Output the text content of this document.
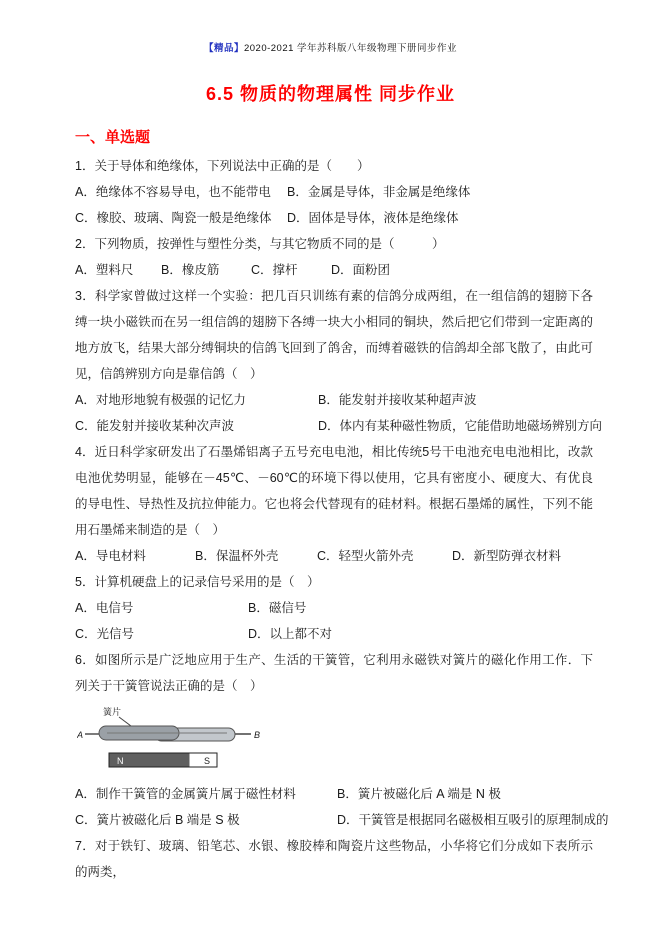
【精品】2020-2021 学年苏科版八年级物理下册同步作业
6.5 物质的物理属性 同步作业
一、单选题

1．关于导体和绝缘体，下列说法中正确的是（　　）

A．绝缘体不容易导电，也不能带电	B．金属是导体，非金属是绝缘体
C．橡胶、玻璃、陶瓷一般是绝缘体	D．固体是导体，液体是绝缘体

2．下列物质，按弹性与塑性分类，与其它物质不同的是（　　　）

A．塑料尺	B．橡皮筋	C．撑杆	D．面粉团

3．科学家曾做过这样一个实验：把几百只训练有素的信鸽分成两组，在一组信鸽的翅膀下各缚一块小磁铁而在另一组信鸽的翅膀下各缚一块大小相同的铜块，然后把它们带到一定距离的地方放飞，结果大部分缚铜块的信鸽飞回到了鸽舍，而缚着磁铁的信鸽却全部飞散了，由此可见，信鸽辨别方向是靠信鸽（　）

A．对地形地貌有极强的记忆力	B．能发射并接收某种超声波
C．能发射并接收某种次声波	D．体内有某种磁性物质，它能借助地磁场辨别方向

4．近日科学家研发出了石墨烯铝离子五号充电电池，相比传统5号干电池充电电池相比，改款电池优势明显，能够在－45℃、－60℃的环境下得以使用，它具有密度小、硬度大、有优良的导电性、导热性及抗拉伸能力。它也将会代替现有的硅材料。根据石墨烯的属性，下列不能用石墨烯来制造的是（　）

A．导电材料	B．保温杯外壳	C．轻型火箭外壳	D．新型防弹衣材料

5．计算机硬盘上的记录信号采用的是（　）

A．电信号	B．磁信号
C．光信号	D．以上都不对

6．如图所示是广泛地应用于生产、生活的干簧管，它利用永磁铁对簧片的磁化作用工作．下列关于干簧管说法正确的是（　）

簧片
A	B
N	S
A．制作干簧管的金属簧片属于磁性材料	B．簧片被磁化后 A 端是 N 极
C．簧片被磁化后 B 端是 S 极	D．干簧管是根据同名磁极相互吸引的原理制成的

7．对于铁钉、玻璃、铅笔芯、水银、橡胶棒和陶瓷片这些物品，小华将它们分成如下表所示的两类，
